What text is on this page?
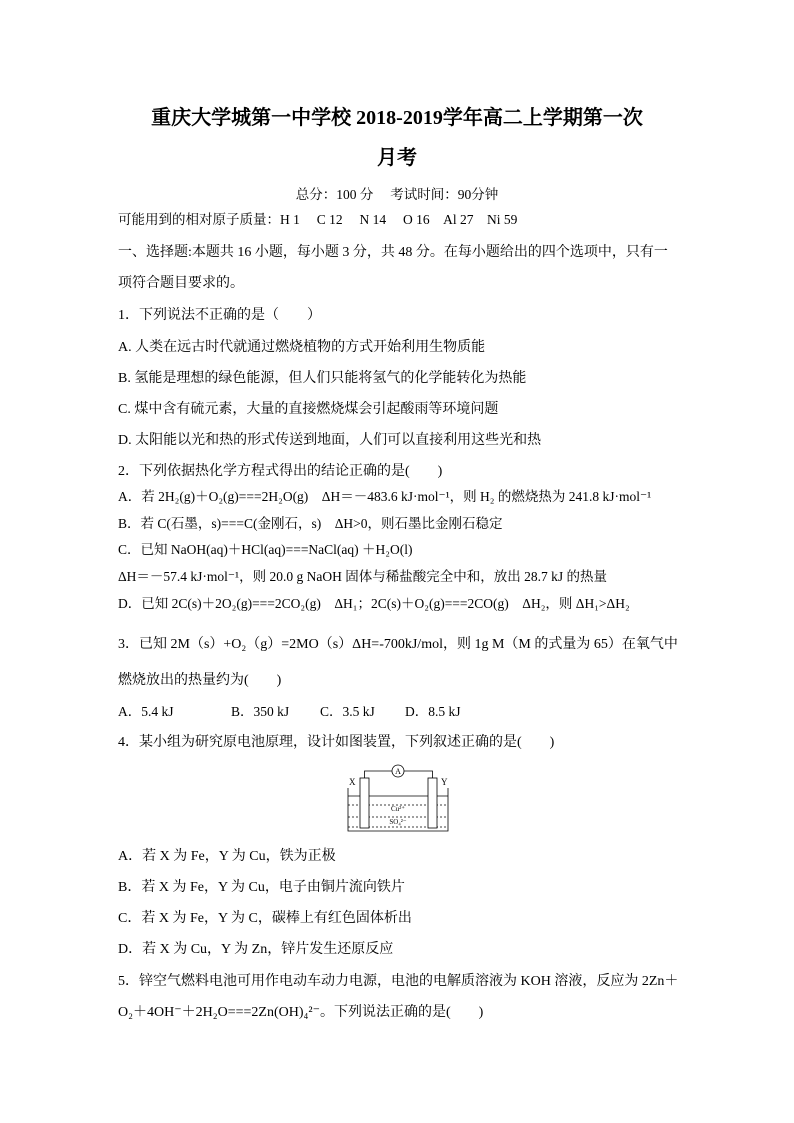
重庆大学城第一中学校 2018-2019学年高二上学期第一次
月考
总分：100 分　 考试时间：90分钟
可能用到的相对原子质量：H 1　 C 12　 N 14　 O 16　Al 27　Ni 59
一、选择题:本题共 16 小题，每小题 3 分，共 48 分。在每小题给出的四个选项中，只有一
项符合题目要求的。
1．下列说法不正确的是（　　）
A. 人类在远古时代就通过燃烧植物的方式开始利用生物质能
B. 氢能是理想的绿色能源，但人们只能将氢气的化学能转化为热能
C. 煤中含有硫元素，大量的直接燃烧煤会引起酸雨等环境问题
D. 太阳能以光和热的形式传送到地面，人们可以直接利用这些光和热
2．下列依据热化学方程式得出的结论正确的是(　　)
A．若 2H₂(g)＋O₂(g)===2H₂O(g)　ΔH＝－483.6 kJ·mol⁻¹，则 H₂ 的燃烧热为 241.8 kJ·mol⁻¹
B．若 C(石墨，s)===C(金刚石，s)　ΔH>0，则石墨比金刚石稳定
C．已知 NaOH(aq)＋HCl(aq)===NaCl(aq) ＋H₂O(l)
ΔH＝－57.4 kJ·mol⁻¹，则 20.0 g NaOH 固体与稀盐酸完全中和，放出 28.7 kJ 的热量
D．已知 2C(s)＋2O₂(g)===2CO₂(g)　ΔH₁；2C(s)＋O₂(g)===2CO(g)　ΔH₂，则 ΔH₁>ΔH₂
3．已知 2M（s）+O₂（g）=2MO（s）ΔH=-700kJ/mol，则 1g M（M 的式量为 65）在氧气中
燃烧放出的热量约为(　　)
A．5.4 kJ	B．350 kJ C．3.5 kJ D．8.5 kJ
4．某小组为研究原电池原理，设计如图装置，下列叙述正确的是(　　)
X	Y
A
Cu²⁺
SO₄²⁻
A．若 X 为 Fe，Y 为 Cu，铁为正极
B．若 X 为 Fe，Y 为 Cu，电子由铜片流向铁片
C．若 X 为 Fe，Y 为 C，碳棒上有红色固体析出
D．若 X 为 Cu，Y 为 Zn，锌片发生还原反应
5．锌空气燃料电池可用作电动车动力电源，电池的电解质溶液为 KOH 溶液，反应为 2Zn＋
O₂＋4OH⁻＋2H₂O===2Zn(OH)₄²⁻。下列说法正确的是(　　)
